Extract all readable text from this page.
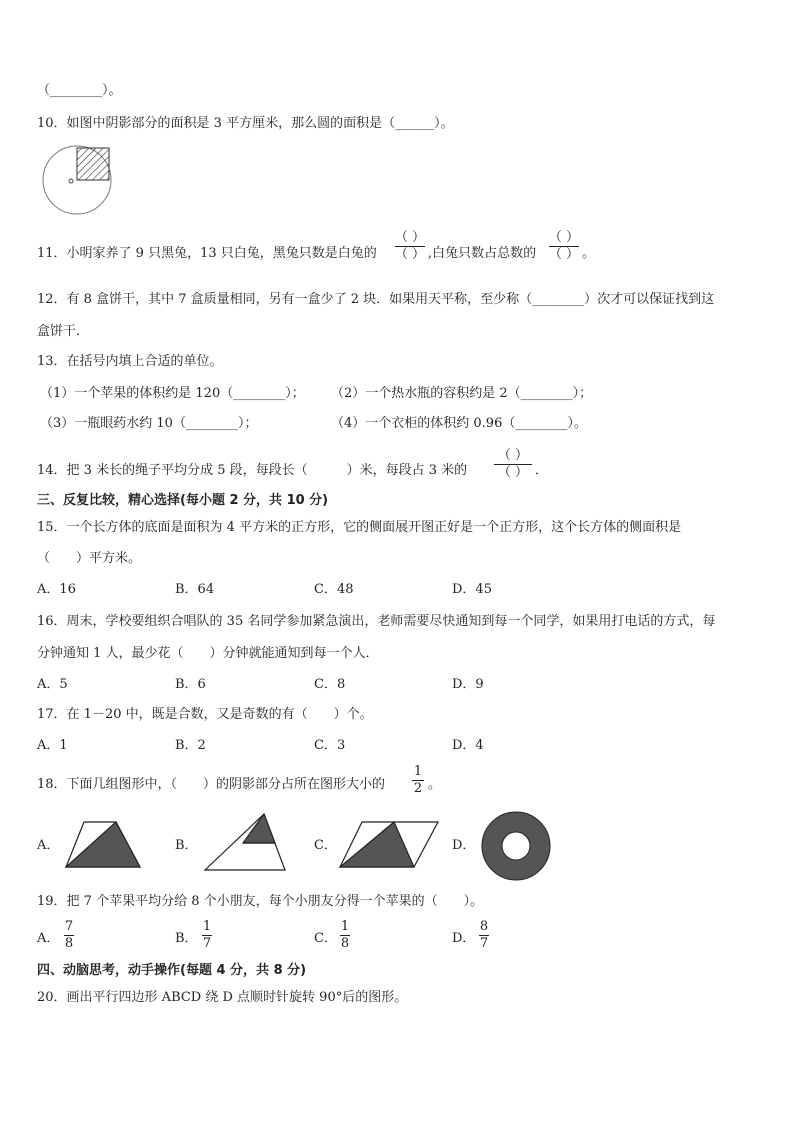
（________）。
10．如图中阴影部分的面积是 3 平方厘米，那么圆的面积是（______）。
11．小明家养了 9 只黑兔，13 只白兔，黑兔只数是白兔的
（ ）
（ ） ,白兔只数占总数的
（ ）
（ ） 。
12．有 8 盒饼干，其中 7 盒质量相同，另有一盒少了 2 块．如果用天平称，至少称（________）次才可以保证找到这
盒饼干．
13．在括号内填上合适的单位。
（1）一个苹果的体积约是 120（________）； （2）一个热水瓶的容积约是 2（________）；
（3）一瓶眼药水约 10（________）；	（4）一个衣柜的体积约 0.96（________）。
14．把 3 米长的绳子平均分成 5 段，每段长（　　　）米，每段占 3 米的
（ ）
（ ） ．
三、反复比较，精心选择(每小题 2 分，共 10 分)
15．一个长方体的底面是面积为 4 平方米的正方形，它的侧面展开图正好是一个正方形，这个长方体的侧面积是
（　　）平方米。
A．16	B．64	C．48	D．45
16．周末，学校要组织合唱队的 35 名同学参加紧急演出，老师需要尽快通知到每一个同学，如果用打电话的方式，每
分钟通知 1 人，最少花（　　）分钟就能通知到每一个人．
A．5	B．6	C．8	D．9
17．在 1－20 中，既是合数，又是奇数的有（　　）个。
A．1	B．2	C．3	D．4
18．下面几组图形中，（　　）的阴影部分占所在图形大小的
1
2 。
A．	B．	C．	D．
19．把 7 个苹果平均分给 8 个小朋友，每个小朋友分得一个苹果的（　　）。
A．
7
8	B．
1
7	C．
1
8	D．
8
7
四、动脑思考，动手操作(每题 4 分，共 8 分)
20．画出平行四边形 ABCD 绕 D 点顺时针旋转 90°后的图形。
